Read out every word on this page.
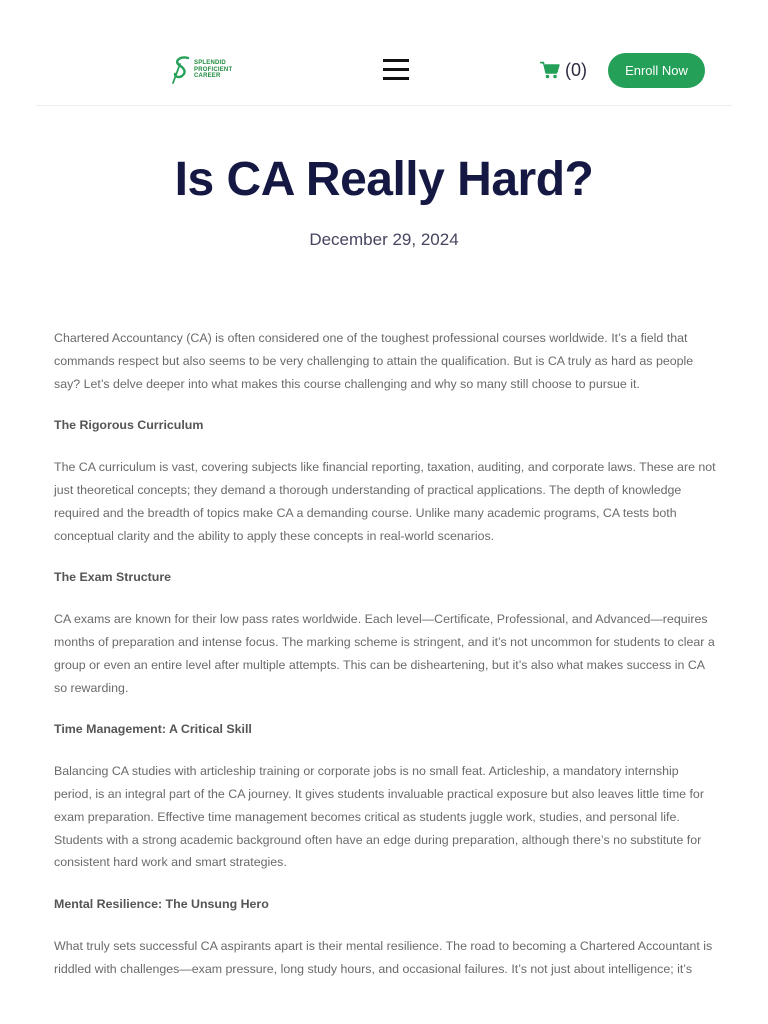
SPLENDID
PROFICIENT
CAREER	(0)	Enroll Now
Is CA Really Hard?
December 29, 2024

Chartered Accountancy (CA) is often considered one of the toughest professional courses worldwide. It’s a field that commands respect but also seems to be very challenging to attain the qualification. But is CA truly as hard as people say? Let’s delve deeper into what makes this course challenging and why so many still choose to pursue it.

The Rigorous Curriculum

The CA curriculum is vast, covering subjects like financial reporting, taxation, auditing, and corporate laws. These are not just theoretical concepts; they demand a thorough understanding of practical applications. The depth of knowledge required and the breadth of topics make CA a demanding course. Unlike many academic programs, CA tests both conceptual clarity and the ability to apply these concepts in real-world scenarios.

The Exam Structure

CA exams are known for their low pass rates worldwide. Each level—Certificate, Professional, and Advanced—requires months of preparation and intense focus. The marking scheme is stringent, and it’s not uncommon for students to clear a group or even an entire level after multiple attempts. This can be disheartening, but it’s also what makes success in CA so rewarding.

Time Management: A Critical Skill

Balancing CA studies with articleship training or corporate jobs is no small feat. Articleship, a mandatory internship period, is an integral part of the CA journey. It gives students invaluable practical exposure but also leaves little time for exam preparation. Effective time management becomes critical as students juggle work, studies, and personal life. Students with a strong academic background often have an edge during preparation, although there’s no substitute for consistent hard work and smart strategies.

Mental Resilience: The Unsung Hero

What truly sets successful CA aspirants apart is their mental resilience. The road to becoming a Chartered Accountant is riddled with challenges—exam pressure, long study hours, and occasional failures. It’s not just about intelligence; it’s
